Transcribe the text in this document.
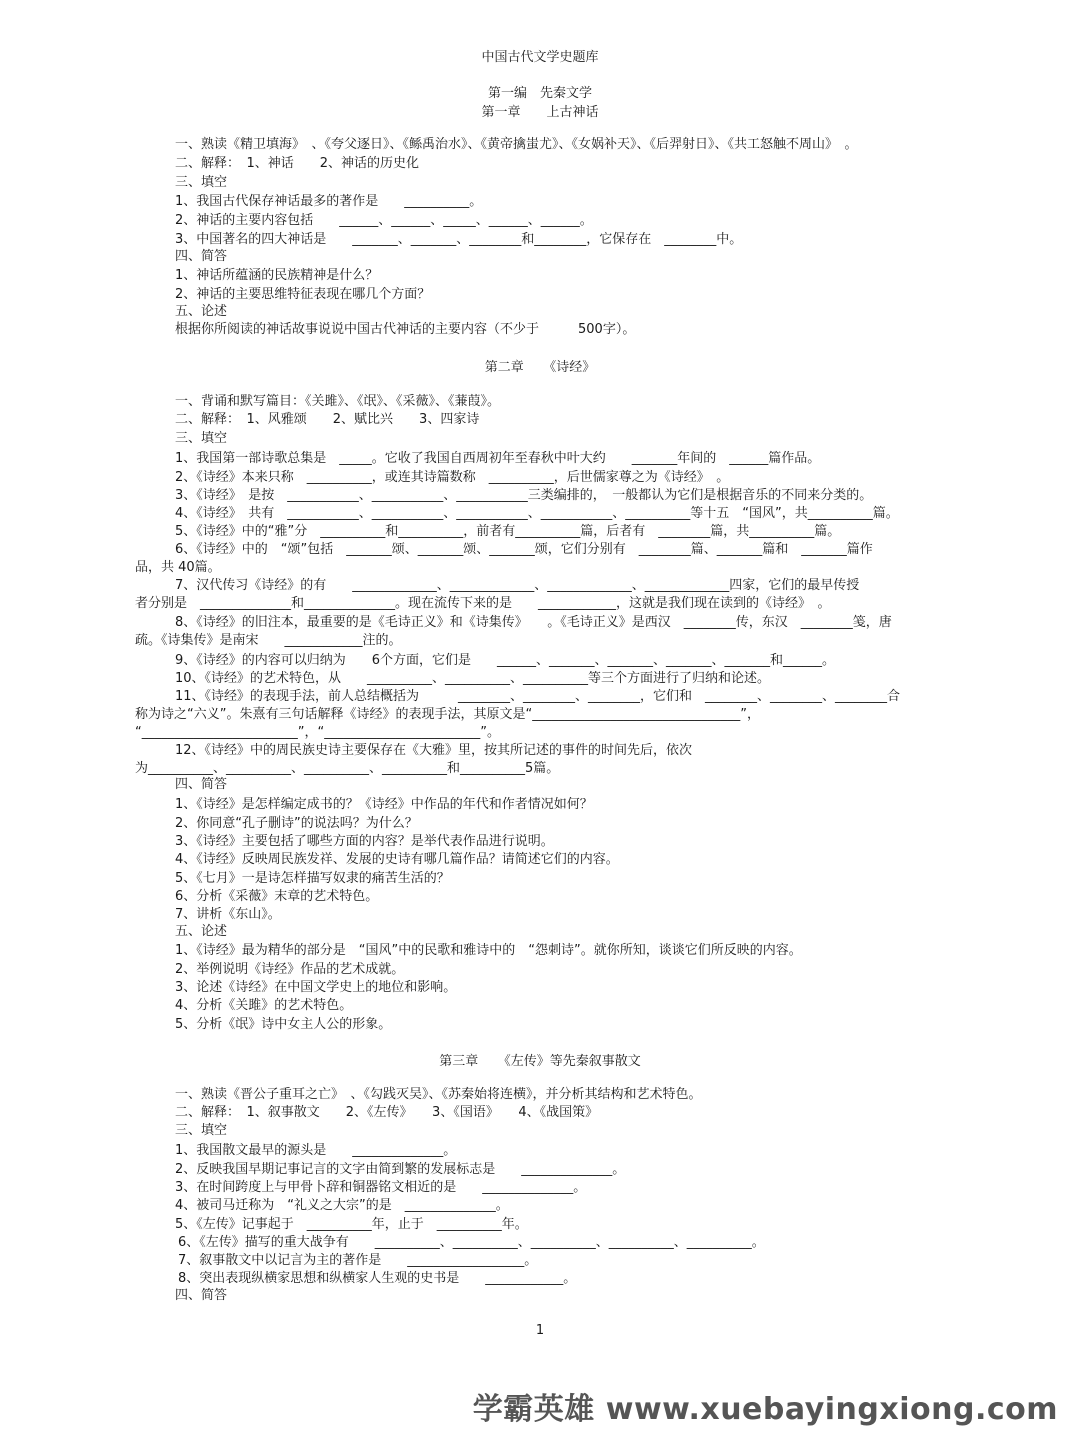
中国古代文学史题库
第一编　先秦文学
第一章　　上古神话
一、熟读《精卫填海》　、《夸父逐日》、《鲧禹治水》、《黄帝擒蚩尤》、《女娲补天》、《后羿射日》、《共工怒触不周山》　。
二、解释：　1、神话　　2、神话的历史化
三、填空
1、我国古代保存神话最多的著作是　　__________。
2、神话的主要内容包括　　______、______、_____、______、______。
3、中国著名的四大神话是　　_______、_______、________和________，它保存在　________中。
四、简答
1、神话所蕴涵的民族精神是什么？
2、神话的主要思维特征表现在哪几个方面？
五、论述
根据你所阅读的神话故事说说中国古代神话的主要内容（不少于　　　500字）。
第二章　　《诗经》
一、背诵和默写篇目：《关雎》、《氓》、《采薇》、《蒹葭》。
二、解释：　1、风雅颂　　2、赋比兴　　3、四家诗
三、填空
1、我国第一部诗歌总集是　_____。它收了我国自西周初年至春秋中叶大约　　_______年间的　______篇作品。
2、《诗经》本来只称　__________，或连其诗篇数称　__________，后世儒家尊之为《诗经》　。
3、《诗经》　是按　___________、___________、___________三类编排的，　一般都认为它们是根据音乐的不同来分类的。
4、《诗经》　共有　___________、___________、___________、___________、__________等十五　“国风”，共__________篇。
5、《诗经》中的“雅”分　__________和__________，前者有__________篇，后者有　________篇，共__________篇。
6、《诗经》中的　“颂”包括　_______颂、_______颂、_______颂，它们分别有　________篇、_______篇和　_______篇作
品，共 40篇。
7、汉代传习《诗经》的有　　_____________、_____________、_____________、_____________四家，它们的最早传授
者分别是　______________和______________。现在流传下来的是　　____________，这就是我们现在读到的《诗经》　。
8、《诗经》的旧注本，最重要的是《毛诗正义》和《诗集传》　　。《毛诗正义》是西汉　________传，东汉　________笺，唐
疏。《诗集传》是南宋　　____________注的。
9、《诗经》的内容可以归纳为　　6个方面，它们是　　______、_______、_______、_______、_______和______。
10、《诗经》的艺术特色，从　　__________、__________、__________等三个方面进行了归纳和论述。
11、《诗经》的表现手法，前人总结概括为　　　________、________、________，它们和　________、________、________合
称为诗之“六义”。朱熹有三句话解释《诗经》的表现手法，其原文是“________________________________”，
“________________________”，“________________________”。
12、《诗经》中的周民族史诗主要保存在《大雅》里，按其所记述的事件的时间先后，依次
为__________、__________、__________、__________和__________5篇。
四、简答
1、《诗经》是怎样编定成书的？《诗经》中作品的年代和作者情况如何？
2、你同意“孔子删诗”的说法吗？为什么？
3、《诗经》主要包括了哪些方面的内容？是举代表作品进行说明。
4、《诗经》反映周民族发祥、发展的史诗有哪几篇作品？请简述它们的内容。
5、《七月》一是诗怎样描写奴隶的痛苦生活的？
6、分析《采薇》末章的艺术特色。
7、讲析《东山》。
五、论述
1、《诗经》最为精华的部分是　“国风”中的民歌和雅诗中的　“怨刺诗”。就你所知，谈谈它们所反映的内容。
2、举例说明《诗经》作品的艺术成就。
3、论述《诗经》在中国文学史上的地位和影响。
4、分析《关雎》的艺术特色。
5、分析《氓》诗中女主人公的形象。
第三章　　《左传》等先秦叙事散文
一、熟读《晋公子重耳之亡》　、《勾践灭吴》、《苏秦始将连横》，并分析其结构和艺术特色。
二、解释：　1、叙事散文　　2、《左传》　　3、《国语》　　4、《战国策》
三、填空
1、我国散文最早的源头是　　______________。
2、反映我国早期记事记言的文字由简到繁的发展标志是　　______________。
3、在时间跨度上与甲骨卜辞和铜器铭文相近的是　　______________。
4、被司马迁称为　“礼义之大宗”的是　______________。
5、《左传》记事起于　__________年，止于　__________年。
6、《左传》描写的重大战争有　　__________、__________、__________、__________、__________。
7、叙事散文中以记言为主的著作是　　__________________。
8、突出表现纵横家思想和纵横家人生观的史书是　　____________。
四、简答
1
学霸英雄 www.xuebayingxiong.com
